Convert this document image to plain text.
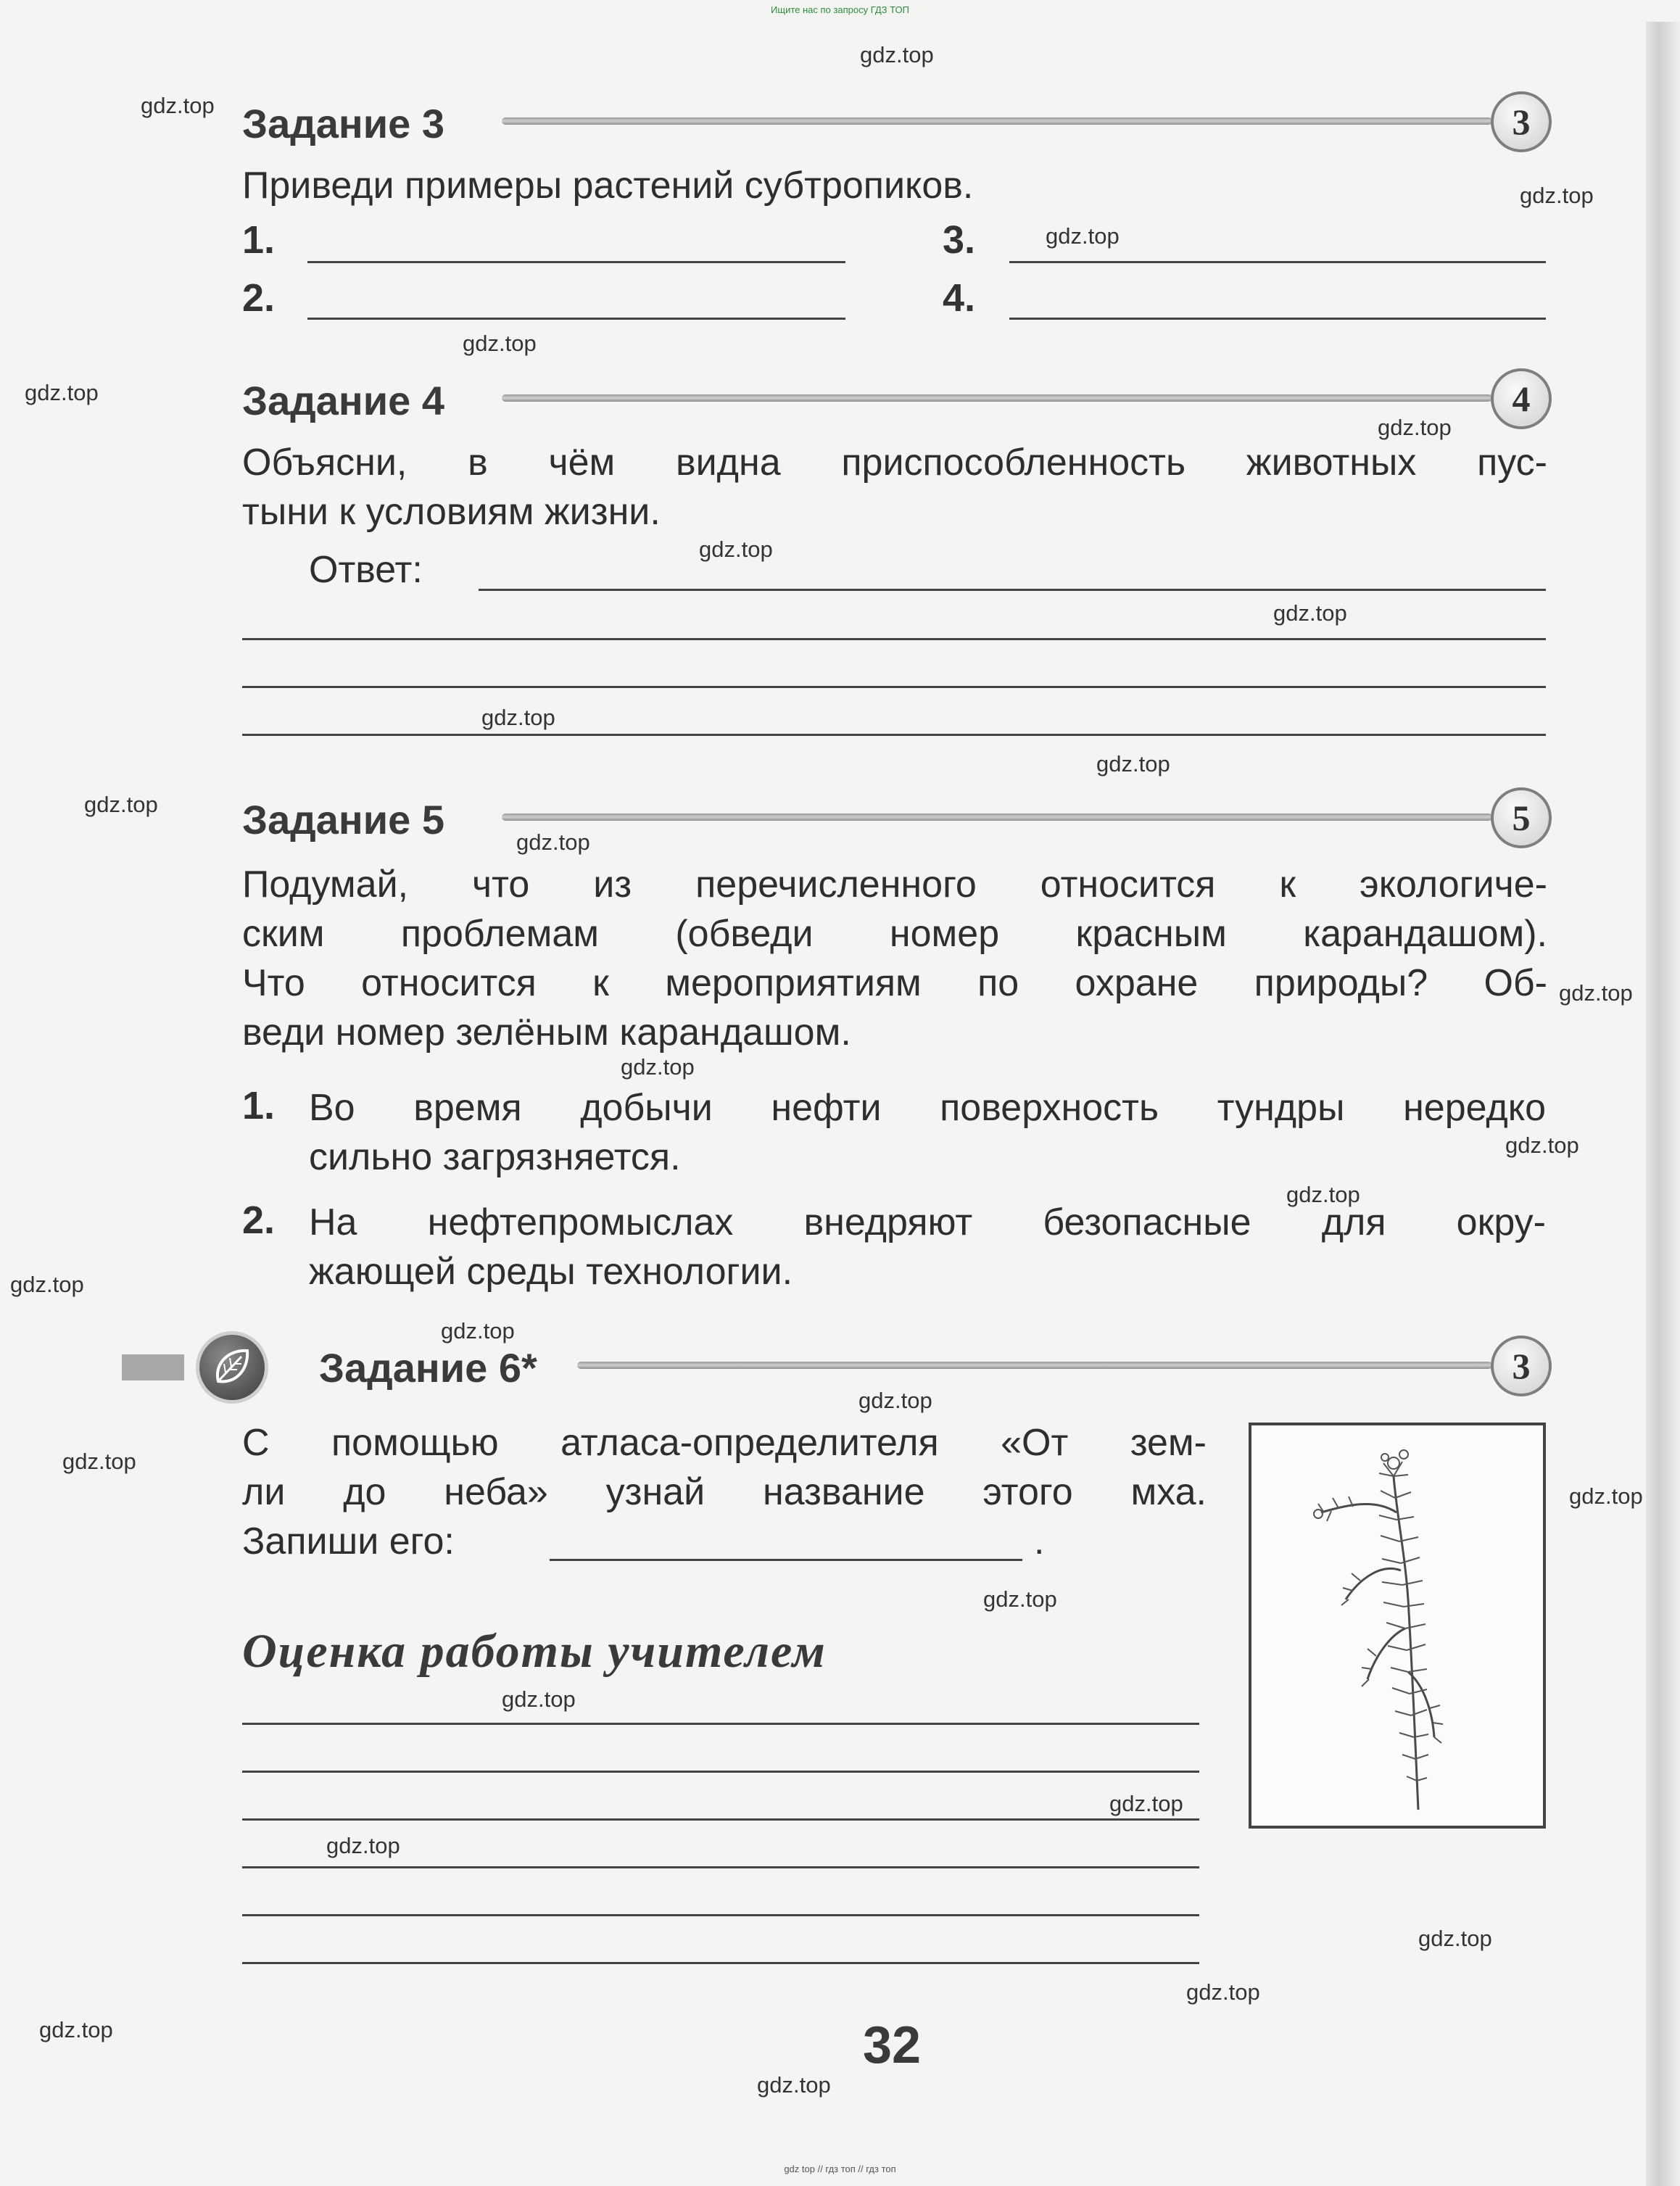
Ищите нас по запросу ГДЗ ТОП
Задание 3	3
Приведи примеры растений субтропиков.
1.
2.
3.
4.
Задание 4	4
Объясни, в чём видна приспособленность животных пус-
тыни к условиям жизни.
Ответ:
Задание 5	5
Подумай, что из перечисленного относится к экологиче-
ским проблемам (обведи номер красным карандашом).
Что относится к мероприятиям по охране природы? Об-
веди номер зелёным карандашом.
1. Во время добычи нефти поверхность тундры нередко
сильно загрязняется.
2. На нефтепромыслах внедряют безопасные для окру-
жающей среды технологии.
Задание 6*	3
С помощью атласа-определителя «От зем-
ли до неба» узнай название этого мха.
Запиши его:	.
Оценка работы учителем
32
gdz top // гдз топ // гдз топ
gdz.top
gdz.top
gdz.top
gdz.top
gdz.top
gdz.top
gdz.top
gdz.top
gdz.top
gdz.top
gdz.top
gdz.top
gdz.top
gdz.top
gdz.top
gdz.top
gdz.top
gdz.top
gdz.top
gdz.top
gdz.top
gdz.top
gdz.top
gdz.top
gdz.top
gdz.top
gdz.top
gdz.top
gdz.top
gdz.top
